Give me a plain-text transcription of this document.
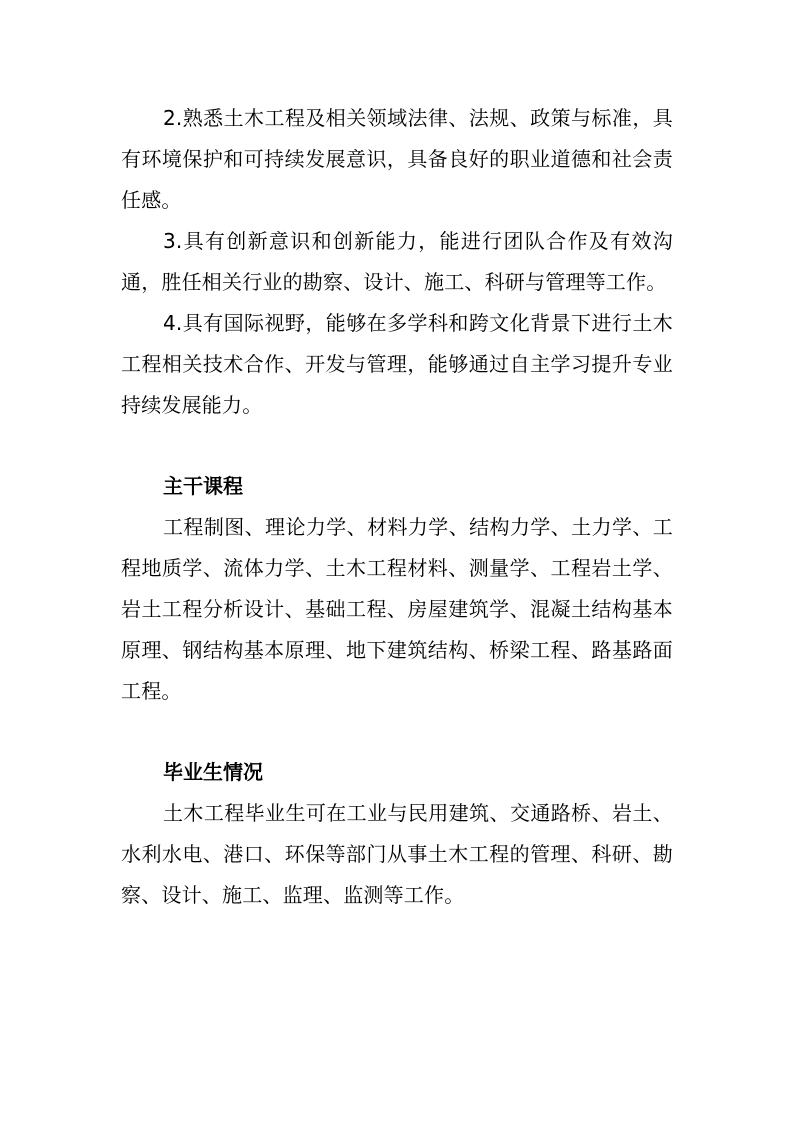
2.熟悉土木工程及相关领域法律、法规、政策与标准，具有环境保护和可持续发展意识，具备良好的职业道德和社会责任感。

3.具有创新意识和创新能力，能进行团队合作及有效沟通，胜任相关行业的勘察、设计、施工、科研与管理等工作。

4.具有国际视野，能够在多学科和跨文化背景下进行土木工程相关技术合作、开发与管理，能够通过自主学习提升专业持续发展能力。

主干课程

工程制图、理论力学、材料力学、结构力学、土力学、工程地质学、流体力学、土木工程材料、测量学、工程岩土学、岩土工程分析设计、基础工程、房屋建筑学、混凝土结构基本原理、钢结构基本原理、地下建筑结构、桥梁工程、路基路面工程。

毕业生情况

土木工程毕业生可在工业与民用建筑、交通路桥、岩土、水利水电、港口、环保等部门从事土木工程的管理、科研、勘察、设计、施工、监理、监测等工作。
